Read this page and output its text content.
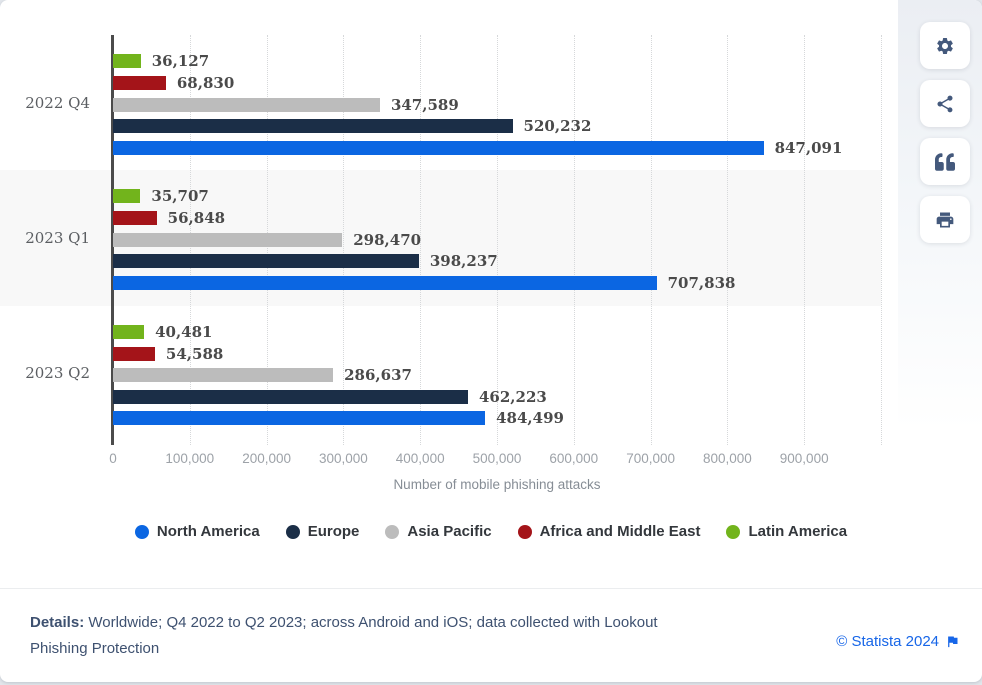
2022 Q4
36,127
68,830
347,589
520,232
847,091
2023 Q1
35,707
56,848
298,470
398,237
707,838
2023 Q2
40,481
54,588
286,637
462,223
484,499
0	100,000	200,000	300,000	400,000	500,000	600,000	700,000	800,000	900,000
Number of mobile phishing attacks
North America	Europe	Asia Pacific	Africa and Middle East	Latin America
Details: Worldwide; Q4 2022 to Q2 2023; across Android and iOS; data collected with Lookout Phishing Protection	© Statista 2024
